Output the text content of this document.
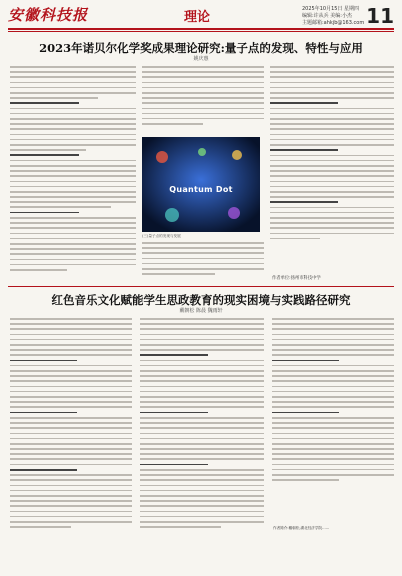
安徽科技报	理论
2025年10月15日 星期四
编辑:许从兵 美编:小杰
主题邮箱:ahkjb@163.com 11
2023年诺贝尔化学奖成果理论研究:量子点的发现、特性与应用
姚庆惠
Quantum Dot
(三)量子点的发现与发展
作者单位:扬州市科技中学
红色音乐文化赋能学生思政教育的现实困境与实践路径研究
戴朝松 陈晨 魏雨轩
作者简介:戴朝松,湖北经济学院……
